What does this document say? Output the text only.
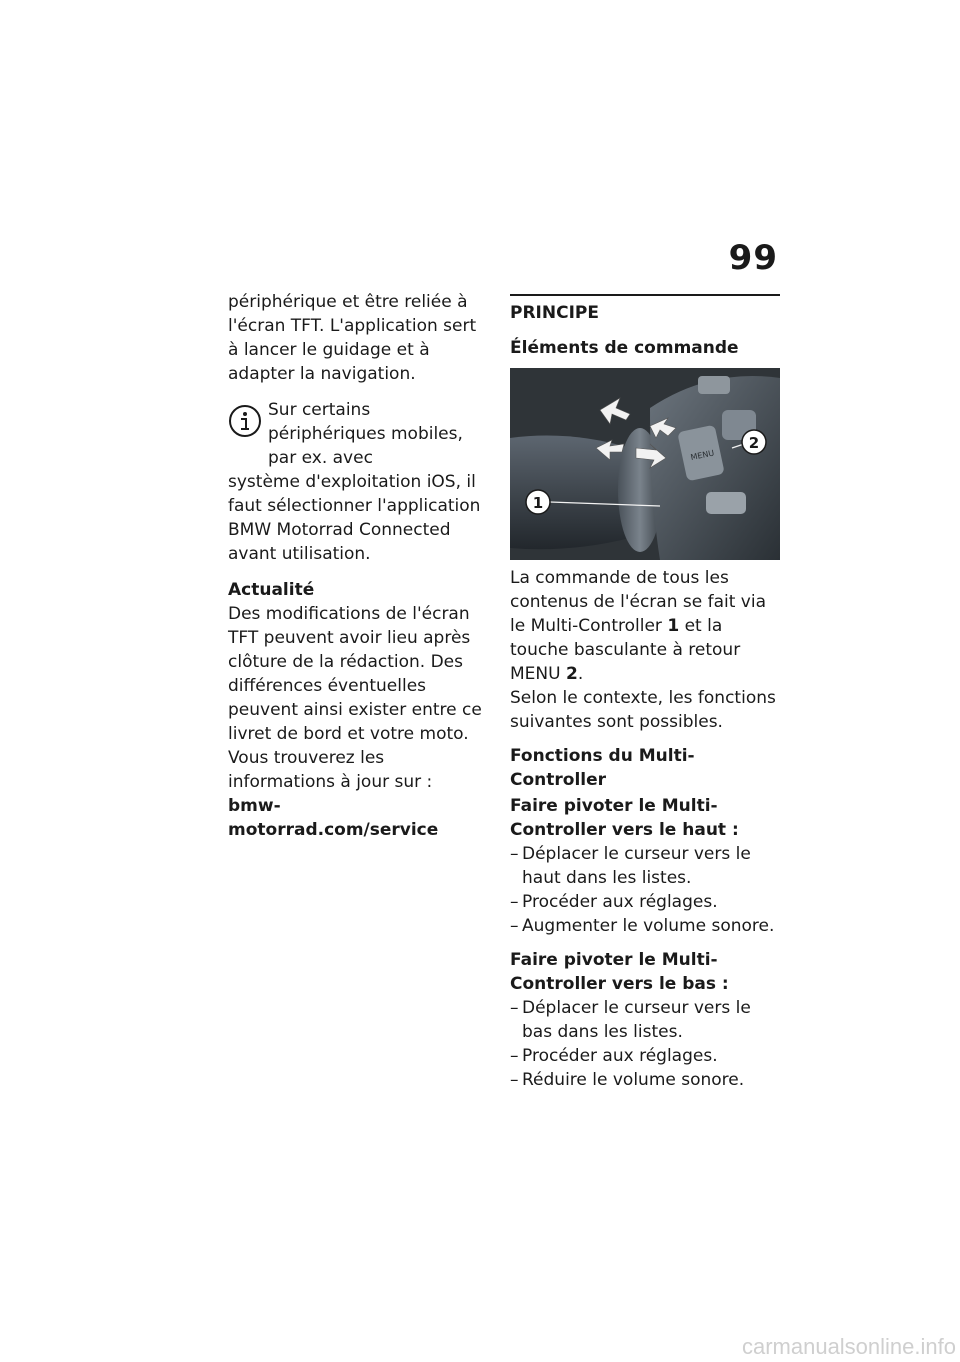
99

périphérique et être reliée à l'écran TFT. L'application sert à lancer le guidage et à adapter la navigation.

Sur certains périphériques mobiles, par ex. avec

système d'exploitation iOS, il faut sélectionner l'application BMW Motorrad Connected avant utilisation.

Actualité

Des modifications de l'écran TFT peuvent avoir lieu après clôture de la rédaction. Des différences éventuelles peuvent ainsi exister entre ce livret de bord et votre moto. Vous trouverez les informations à jour sur :

bmw-motorrad.com/service

PRINCIPE
Éléments de commande
MENU
1
2

La commande de tous les contenus de l'écran se fait via le Multi-Controller 1 et la touche basculante à retour MENU 2.

Selon le contexte, les fonctions suivantes sont possibles.

Fonctions du Multi-Controller
Faire pivoter le Multi-Controller vers le haut :
– Déplacer le curseur vers le haut dans les listes.
– Procéder aux réglages.
– Augmenter le volume sonore.
Faire pivoter le Multi-Controller vers le bas :
– Déplacer le curseur vers le bas dans les listes.
– Procéder aux réglages.
– Réduire le volume sonore.
carmanualsonline.info
